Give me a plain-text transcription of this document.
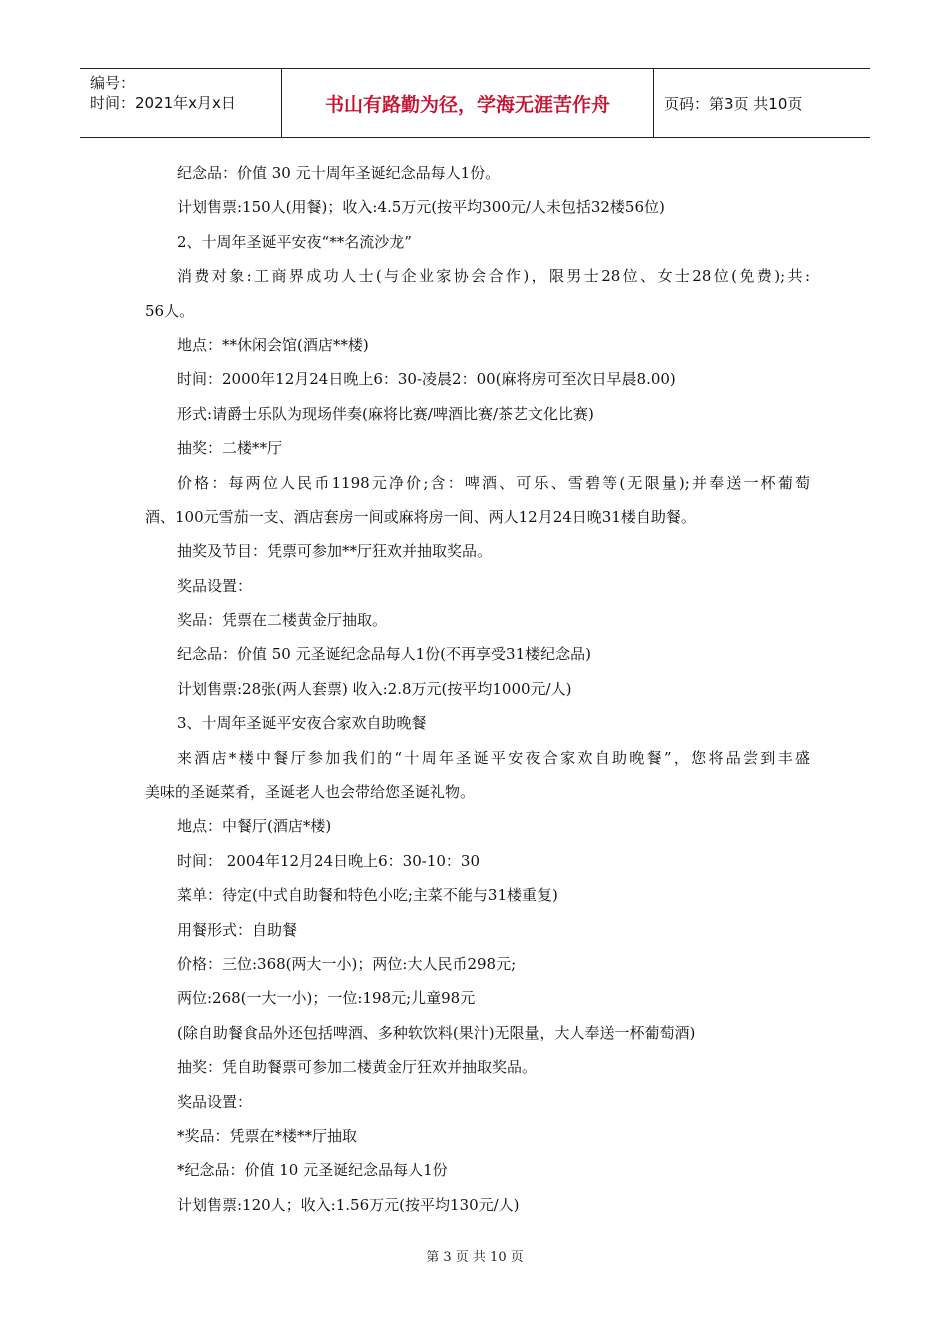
编号：
时间：2021年x月x日	书山有路勤为径，学海无涯苦作舟	页码：第3页 共10页
纪念品：价值 30 元十周年圣诞纪念品每人1份。
计划售票:150人(用餐)；收入:4.5万元(按平均300元/人未包括32楼56位)
2、十周年圣诞平安夜“**名流沙龙”
消费对象:工商界成功人士(与企业家协会合作)，限男士28位、女士28位(免费);共:
56人。
地点：**休闲会馆(酒店**楼)
时间：2000年12月24日晚上6：30-凌晨2：00(麻将房可至次日早晨8.00)
形式:请爵士乐队为现场伴奏(麻将比赛/啤酒比赛/茶艺文化比赛)
抽奖：二楼**厅
价格：每两位人民币1198元净价;含：啤酒、可乐、雪碧等(无限量);并奉送一杯葡萄
酒、100元雪茄一支、酒店套房一间或麻将房一间、两人12月24日晚31楼自助餐。
抽奖及节目：凭票可参加**厅狂欢并抽取奖品。
奖品设置：
奖品：凭票在二楼黄金厅抽取。
纪念品：价值 50 元圣诞纪念品每人1份(不再享受31楼纪念品)
计划售票:28张(两人套票) 收入:2.8万元(按平均1000元/人)
3、十周年圣诞平安夜合家欢自助晚餐
来酒店*楼中餐厅参加我们的“十周年圣诞平安夜合家欢自助晚餐”，您将品尝到丰盛
美味的圣诞菜肴，圣诞老人也会带给您圣诞礼物。
地点：中餐厅(酒店*楼)
时间： 2004年12月24日晚上6：30-10：30
菜单：待定(中式自助餐和特色小吃;主菜不能与31楼重复)
用餐形式：自助餐
价格：三位:368(两大一小)；两位:大人民币298元;
两位:268(一大一小)；一位:198元;儿童98元
(除自助餐食品外还包括啤酒、多种软饮料(果汁)无限量，大人奉送一杯葡萄酒)
抽奖：凭自助餐票可参加二楼黄金厅狂欢并抽取奖品。
奖品设置：
*奖品：凭票在*楼**厅抽取
*纪念品：价值 10 元圣诞纪念品每人1份
计划售票:120人；收入:1.56万元(按平均130元/人)
第 3 页 共 10 页
